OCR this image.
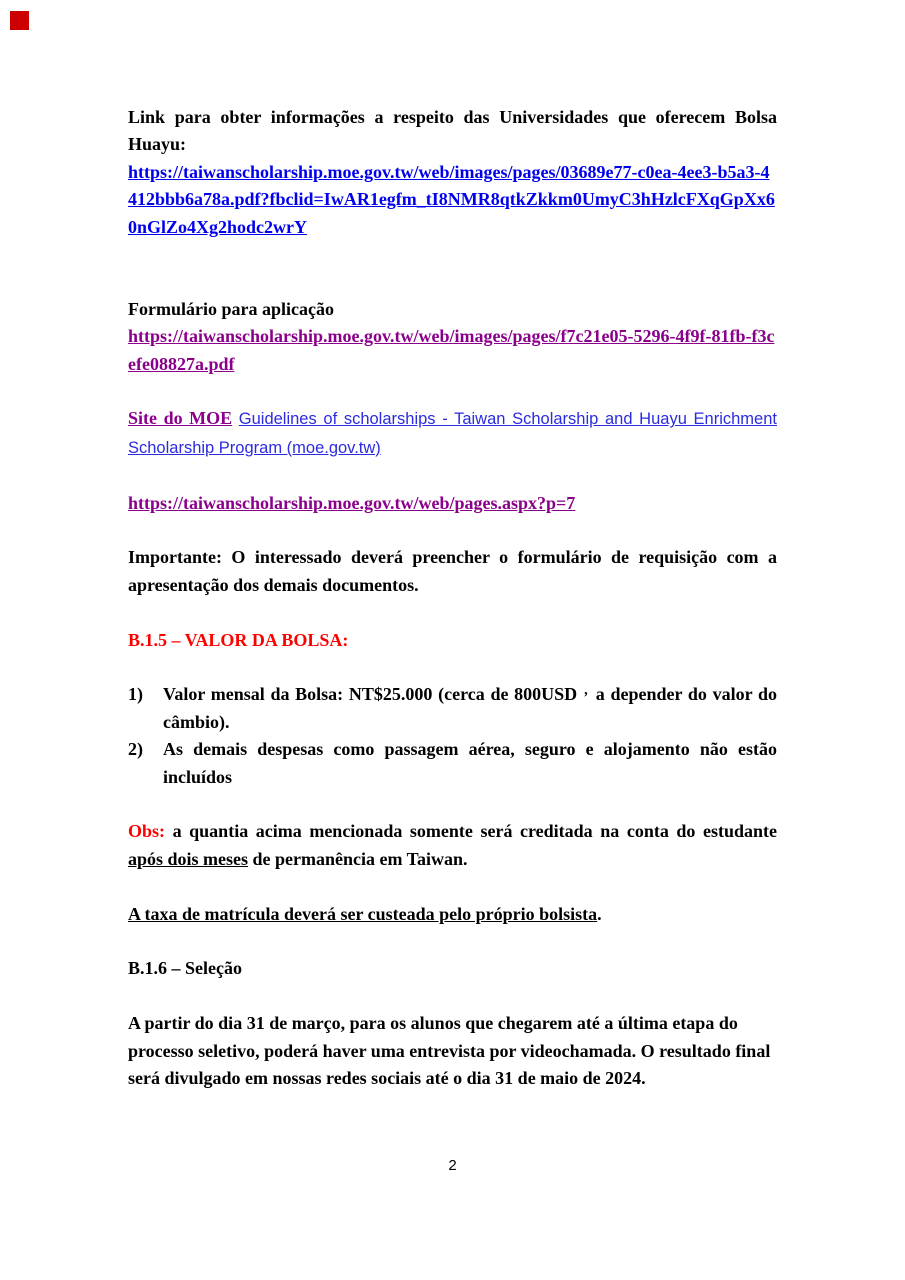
Link para obter informações a respeito das Universidades que oferecem Bolsa Huayu:

https://taiwanscholarship.moe.gov.tw/web/images/pages/03689e77-c0ea-4ee3-b5a3-4412bbb6a78a.pdf?fbclid=IwAR1egfm_tI8NMR8qtkZkkm0UmyC3hHzlcFXqGpXx60nGlZo4Xg2hodc2wrY

Formulário para aplicação

https://taiwanscholarship.moe.gov.tw/web/images/pages/f7c21e05-5296-4f9f-81fb-f3cefe08827a.pdf

Site do MOE Guidelines of scholarships - Taiwan Scholarship and Huayu Enrichment Scholarship Program (moe.gov.tw)

https://taiwanscholarship.moe.gov.tw/web/pages.aspx?p=7

Importante: O interessado deverá preencher o formulário de requisição com a apresentação dos demais documentos.

B.1.5 – VALOR DA BOLSA:

1) Valor mensal da Bolsa: NT$25.000 (cerca de 800USD , a depender do valor do câmbio).
2) As demais despesas como passagem aérea, seguro e alojamento não estão incluídos

Obs: a quantia acima mencionada somente será creditada na conta do estudante após dois meses de permanência em Taiwan.

A taxa de matrícula deverá ser custeada pelo próprio bolsista.

B.1.6 – Seleção

A partir do dia 31 de março, para os alunos que chegarem até a última etapa do processo seletivo, poderá haver uma entrevista por videochamada. O resultado final será divulgado em nossas redes sociais até o dia 31 de maio de 2024.

2
